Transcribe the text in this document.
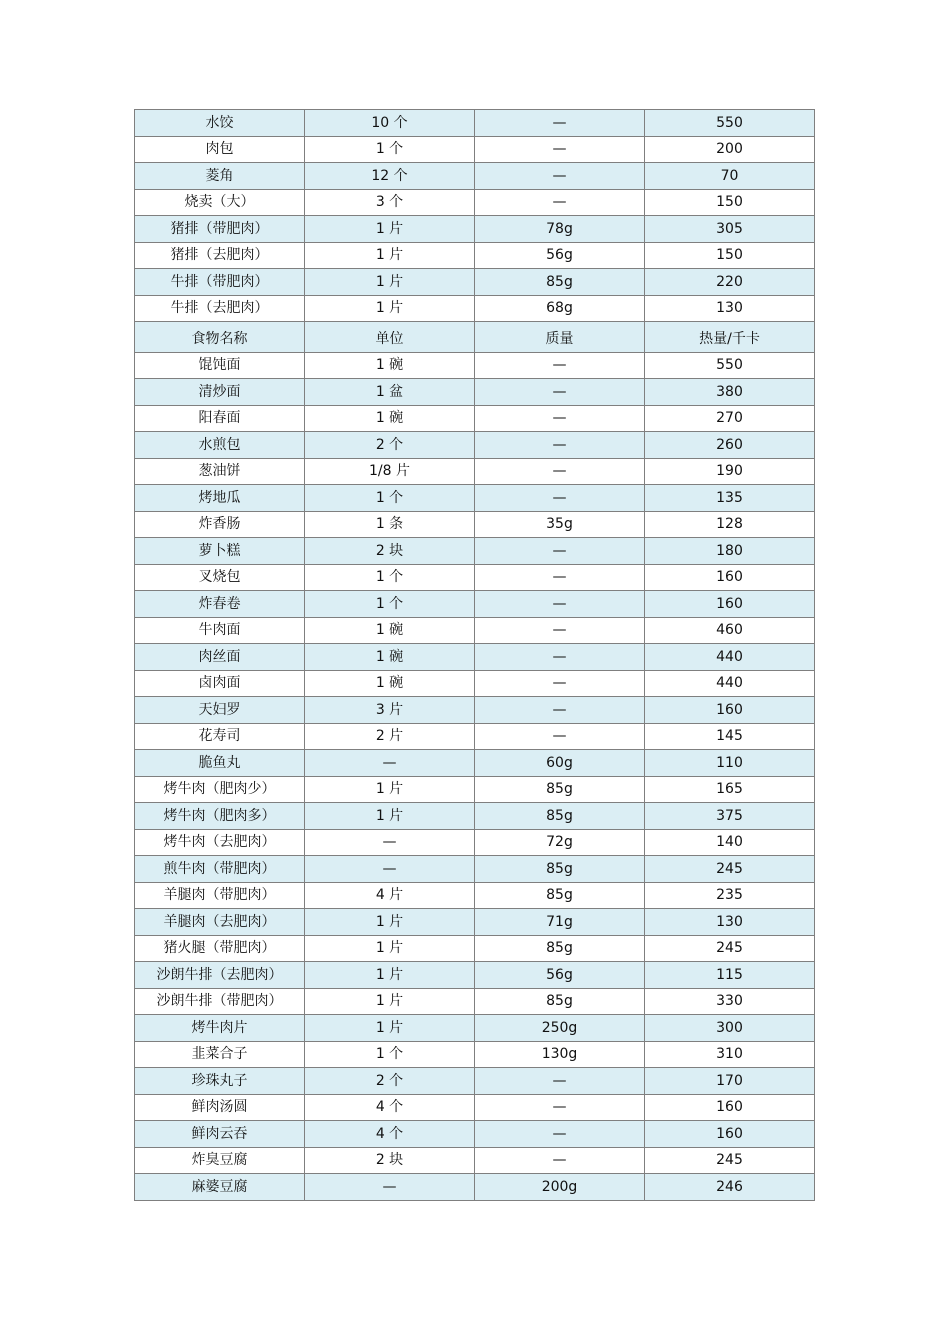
水饺	10 个	—	550
肉包	1 个	—	200
菱角	12 个	—	70
烧卖（大）	3 个	—	150
猪排（带肥肉）	1 片	78g	305
猪排（去肥肉）	1 片	56g	150
牛排（带肥肉）	1 片	85g	220
牛排（去肥肉）	1 片	68g	130
食物名称	单位	质量	热量/千卡
馄饨面	1 碗	—	550
清炒面	1 盆	—	380
阳春面	1 碗	—	270
水煎包	2 个	—	260
葱油饼	1/8 片	—	190
烤地瓜	1 个	—	135
炸香肠	1 条	35g	128
萝卜糕	2 块	—	180
叉烧包	1 个	—	160
炸春卷	1 个	—	160
牛肉面	1 碗	—	460
肉丝面	1 碗	—	440
卤肉面	1 碗	—	440
天妇罗	3 片	—	160
花寿司	2 片	—	145
脆鱼丸	—	60g	110
烤牛肉（肥肉少）	1 片	85g	165
烤牛肉（肥肉多）	1 片	85g	375
烤牛肉（去肥肉）	—	72g	140
煎牛肉（带肥肉）	—	85g	245
羊腿肉（带肥肉）	4 片	85g	235
羊腿肉（去肥肉）	1 片	71g	130
猪火腿（带肥肉）	1 片	85g	245
沙朗牛排（去肥肉）	1 片	56g	115
沙朗牛排（带肥肉）	1 片	85g	330
烤牛肉片	1 片	250g	300
韭菜合子	1 个	130g	310
珍珠丸子	2 个	—	170
鲜肉汤圆	4 个	—	160
鲜肉云吞	4 个	—	160
炸臭豆腐	2 块	—	245
麻婆豆腐	—	200g	246
